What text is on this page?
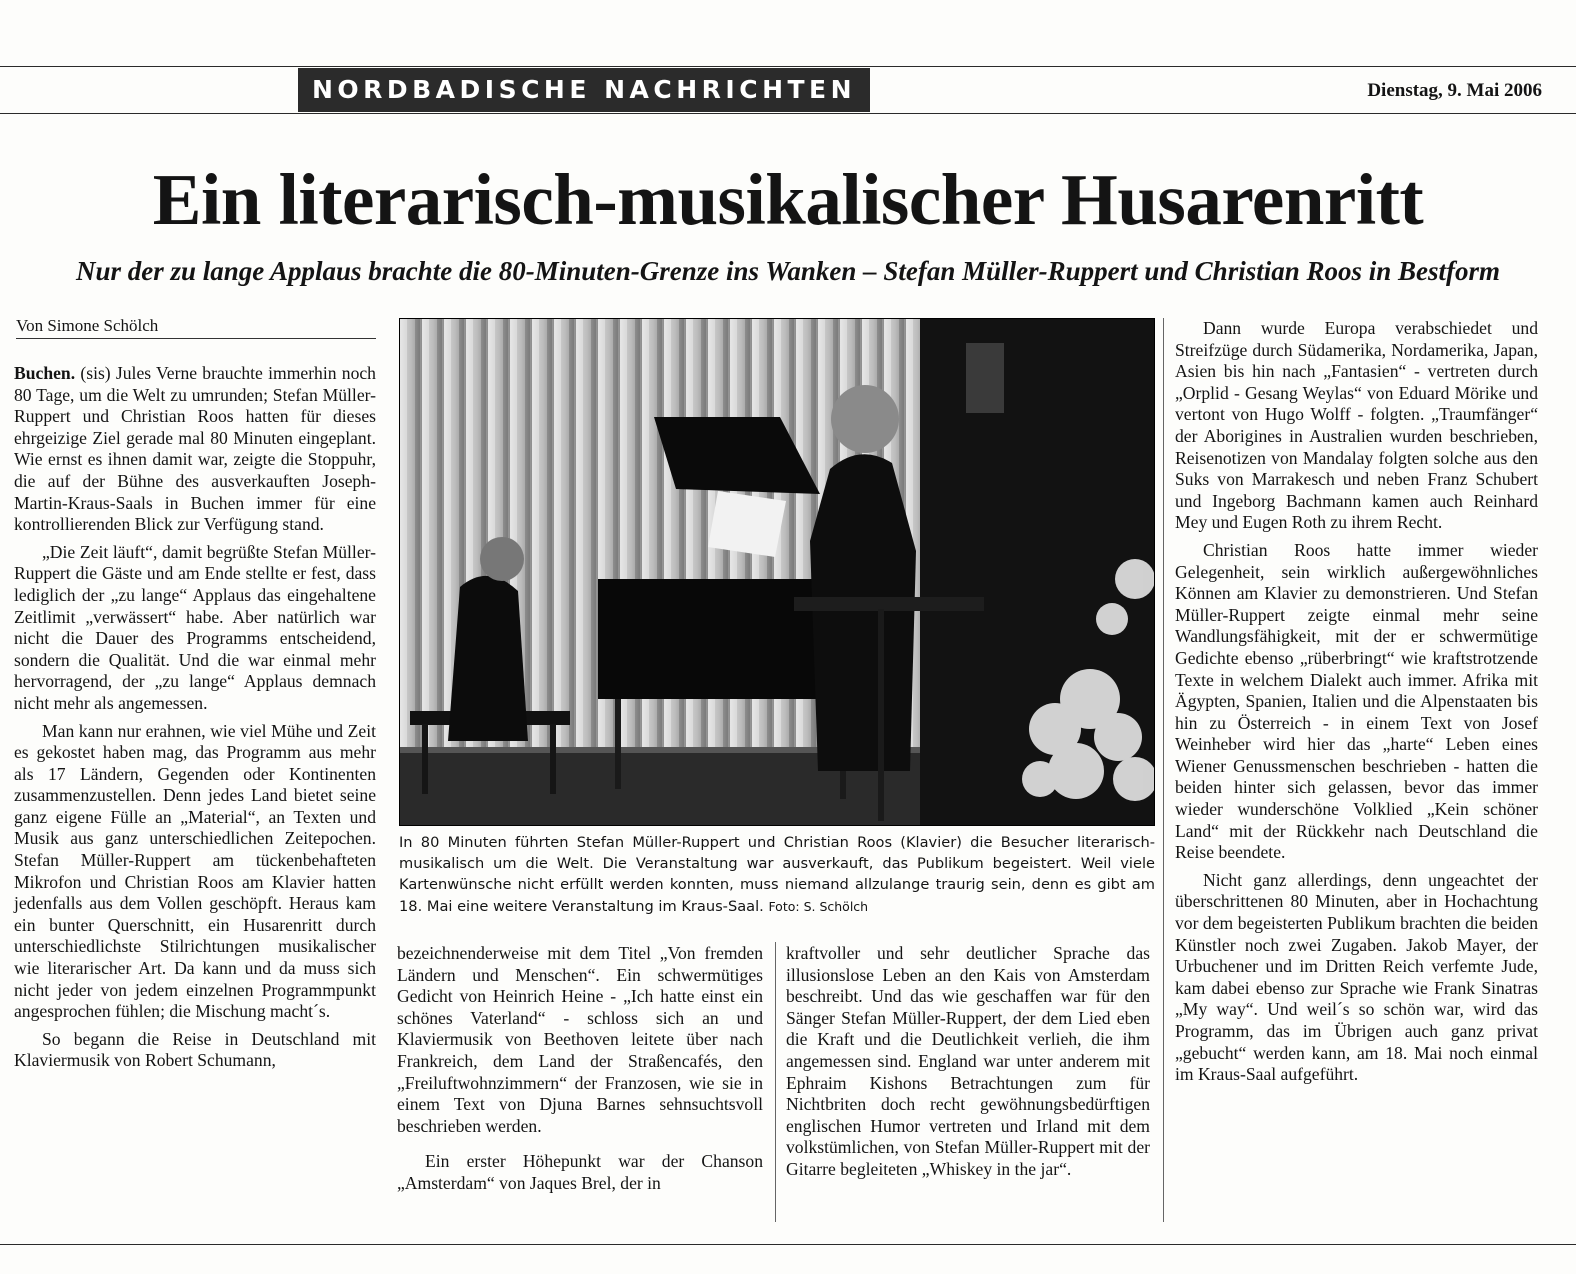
NORDBADISCHE NACHRICHTEN	Dienstag, 9. Mai 2006
Ein literarisch-musikalischer Husarenritt
Nur der zu lange Applaus brachte die 80-Minuten-Grenze ins Wanken – Stefan Müller-Ruppert und Christian Roos in Bestform
Von Simone Schölch

Buchen. (sis) Jules Verne brauchte immerhin noch 80 Tage, um die Welt zu umrunden; Stefan Müller-Ruppert und Christian Roos hatten für dieses ehrgeizige Ziel gerade mal 80 Minuten eingeplant. Wie ernst es ihnen damit war, zeigte die Stoppuhr, die auf der Bühne des ausverkauften Joseph-Martin-Kraus-Saals in Buchen immer für eine kontrollierenden Blick zur Verfügung stand.

„Die Zeit läuft“, damit begrüßte Stefan Müller-Ruppert die Gäste und am Ende stellte er fest, dass lediglich der „zu lange“ Applaus das eingehaltene Zeitlimit „verwässert“ habe. Aber natürlich war nicht die Dauer des Programms entscheidend, sondern die Qualität. Und die war einmal mehr hervorragend, der „zu lange“ Applaus demnach nicht mehr als angemessen.

Man kann nur erahnen, wie viel Mühe und Zeit es gekostet haben mag, das Programm aus mehr als 17 Ländern, Gegenden oder Kontinenten zusammenzustellen. Denn jedes Land bietet seine ganz eigene Fülle an „Material“, an Texten und Musik aus ganz unterschiedlichen Zeitepochen. Stefan Müller-Ruppert am tückenbehafteten Mikrofon und Christian Roos am Klavier hatten jedenfalls aus dem Vollen geschöpft. Heraus kam ein bunter Querschnitt, ein Husarenritt durch unterschiedlichste Stilrichtungen musikalischer wie literarischer Art. Da kann und da muss sich nicht jeder von jedem einzelnen Programmpunkt angesprochen fühlen; die Mischung macht´s.

So begann die Reise in Deutschland mit Klaviermusik von Robert Schumann,

In 80 Minuten führten Stefan Müller-Ruppert und Christian Roos (Klavier) die Besucher literarisch-musikalisch um die Welt. Die Veranstaltung war ausverkauft, das Publikum begeistert. Weil viele Kartenwünsche nicht erfüllt werden konnten, muss niemand allzulange traurig sein, denn es gibt am 18. Mai eine weitere Veranstaltung im Kraus-Saal. Foto: S. Schölch

bezeichnenderweise mit dem Titel „Von fremden Ländern und Menschen“. Ein schwermütiges Gedicht von Heinrich Heine - „Ich hatte einst ein schönes Vaterland“ - schloss sich an und Klaviermusik von Beethoven leitete über nach Frankreich, dem Land der Straßencafés, den „Freiluftwohnzimmern“ der Franzosen, wie sie in einem Text von Djuna Barnes sehnsuchtsvoll beschrieben werden.

Ein erster Höhepunkt war der Chanson „Amsterdam“ von Jaques Brel, der in

kraftvoller und sehr deutlicher Sprache das illusionslose Leben an den Kais von Amsterdam beschreibt. Und das wie geschaffen war für den Sänger Stefan Müller-Ruppert, der dem Lied eben die Kraft und die Deutlichkeit verlieh, die ihm angemessen sind. England war unter anderem mit Ephraim Kishons Betrachtungen zum für Nichtbriten doch recht gewöhnungsbedürftigen englischen Humor vertreten und Irland mit dem volkstümlichen, von Stefan Müller-Ruppert mit der Gitarre begleiteten „Whiskey in the jar“.

Dann wurde Europa verabschiedet und Streifzüge durch Südamerika, Nordamerika, Japan, Asien bis hin nach „Fantasien“ - vertreten durch „Orplid - Gesang Weylas“ von Eduard Mörike und vertont von Hugo Wolff - folgten. „Traumfänger“ der Aborigines in Australien wurden beschrieben, Reisenotizen von Mandalay folgten solche aus den Suks von Marrakesch und neben Franz Schubert und Ingeborg Bachmann kamen auch Reinhard Mey und Eugen Roth zu ihrem Recht.

Christian Roos hatte immer wieder Gelegenheit, sein wirklich außergewöhnliches Können am Klavier zu demonstrieren. Und Stefan Müller-Ruppert zeigte einmal mehr seine Wandlungsfähigkeit, mit der er schwermütige Gedichte ebenso „rüberbringt“ wie kraftstrotzende Texte in welchem Dialekt auch immer. Afrika mit Ägypten, Spanien, Italien und die Alpenstaaten bis hin zu Österreich - in einem Text von Josef Weinheber wird hier das „harte“ Leben eines Wiener Genussmenschen beschrieben - hatten die beiden hinter sich gelassen, bevor das immer wieder wunderschöne Volklied „Kein schöner Land“ mit der Rückkehr nach Deutschland die Reise beendete.

Nicht ganz allerdings, denn ungeachtet der überschrittenen 80 Minuten, aber in Hochachtung vor dem begeisterten Publikum brachten die beiden Künstler noch zwei Zugaben. Jakob Mayer, der Urbuchener und im Dritten Reich verfemte Jude, kam dabei ebenso zur Sprache wie Frank Sinatras „My way“. Und weil´s so schön war, wird das Programm, das im Übrigen auch ganz privat „gebucht“ werden kann, am 18. Mai noch einmal im Kraus-Saal aufgeführt.
